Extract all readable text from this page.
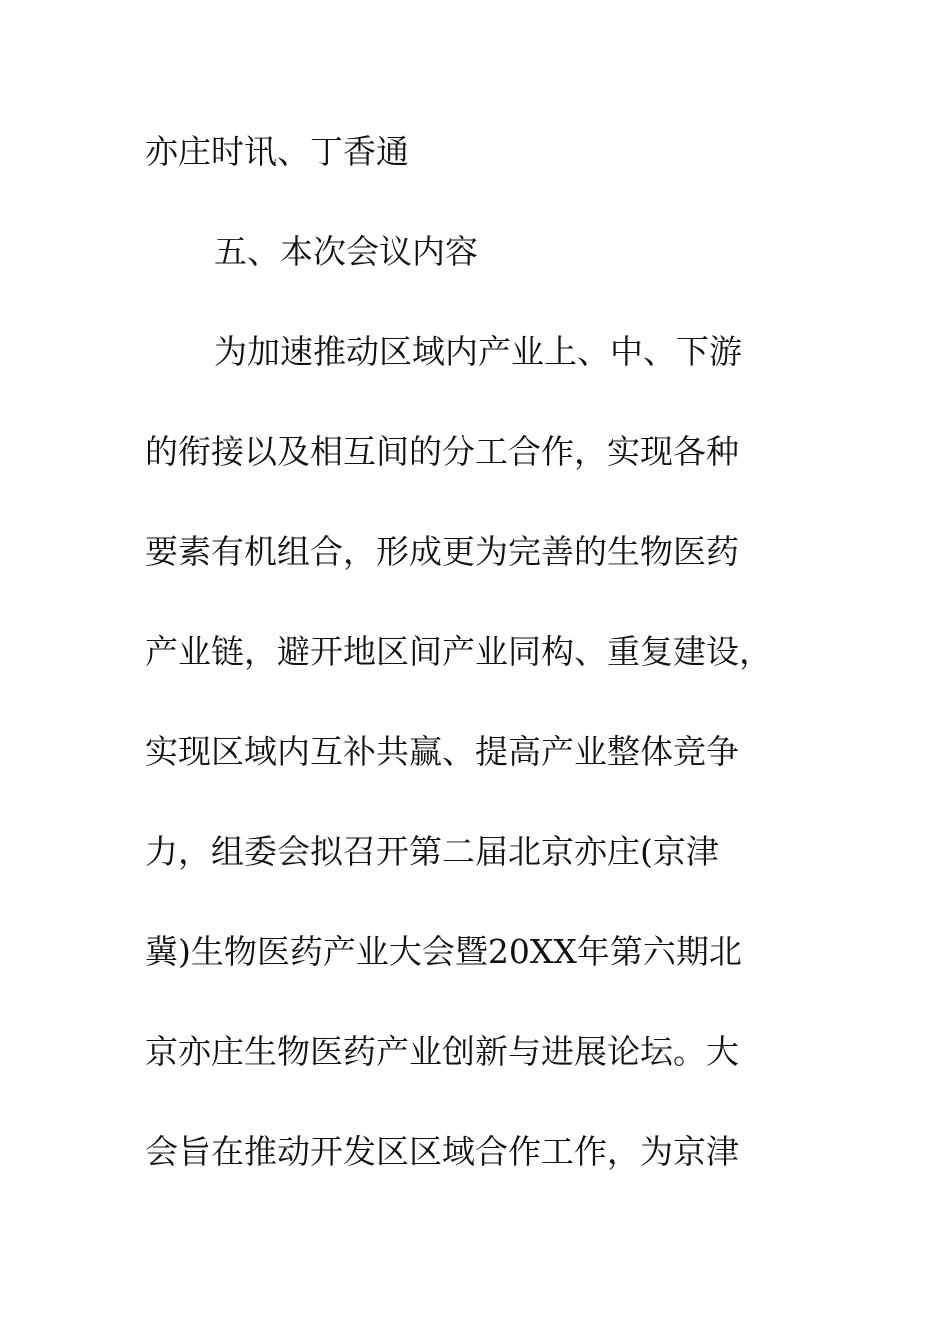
亦庄时讯、丁香通
五、本次会议内容
为加速推动区域内产业上、中、下游
的衔接以及相互间的分工合作，实现各种
要素有机组合，形成更为完善的生物医药
产业链，避开地区间产业同构、重复建设，
实现区域内互补共赢、提高产业整体竞争
力，组委会拟召开第二届北京亦庄(京津
冀)生物医药产业大会暨20XX年第六期北
京亦庄生物医药产业创新与进展论坛。大
会旨在推动开发区区域合作工作，为京津
